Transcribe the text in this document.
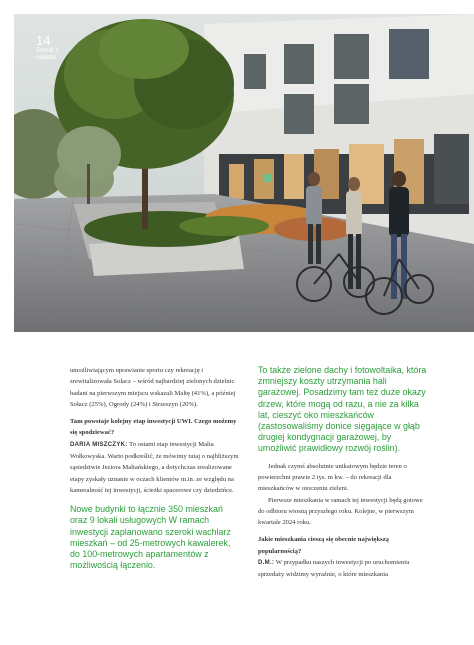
14
Temat z okładki

umożliwiającym uprawianie sportu czy rekreację i zrewitalizowała Sołacz – wśród najbardziej zielonych dzielnic badani na pierwszym miejscu wskazali Maltę (41%), a później Sołacz (25%), Ogrody (24%) i Strzeszyn (20%).

Tam powstaje kolejny etap inwestycji UWI. Czego możemy się spodziewać?

DARIA MISZCZYK: To ostatni etap inwestycji Malta Wołkowyska. Warto podkreślić, że mówimy tutaj o najbliższym sąsiedztwie Jeziora Maltańskiego, a dotychczas zrealizowane etapy zyskały uznanie w oczach klientów m.in. ze względu na kameralność tej inwestycji, ścieżki spacerowe czy dziedzińce.

Nowe budynki to łącznie 350 mieszkań oraz 9 lokali usługowych W ramach inwestycji zaplanowano szeroki wachlarz mieszkań – od 25-metrowych kawalerek, do 100-metrowych apartamentów z możliwością łączenio.

To także zielone dachy i fotowoltaika, która zmniejszy koszty utrzymania hali garażowej. Posadzimy tam też duże okazy drzew, które mogą od razu, a nie za kilka lat, cieszyć oko mieszkańców (zastosowaliśmy donice sięgające w głąb drugiej kondygnacji garażowej, by umożliwić prawidłowy rozwój roślin).

Jednak czymś absolutnie unikatowym będzie teren o powierzchni prawie 2 tys. m kw. – do rekreacji dla mieszkańców w otoczeniu zieleni.

Pierwsze mieszkania w ramach tej inwestycji będą gotowe do odbioru wiosną przyszłego roku. Kolejne, w pierwszym kwartale 2024 roku.

Jakie mieszkania cieszą się obecnie największą popularnością?

D.M.: W przypadku naszych inwestycji po uruchomieniu sprzedaży widzimy wyraźnie, o które mieszkania
